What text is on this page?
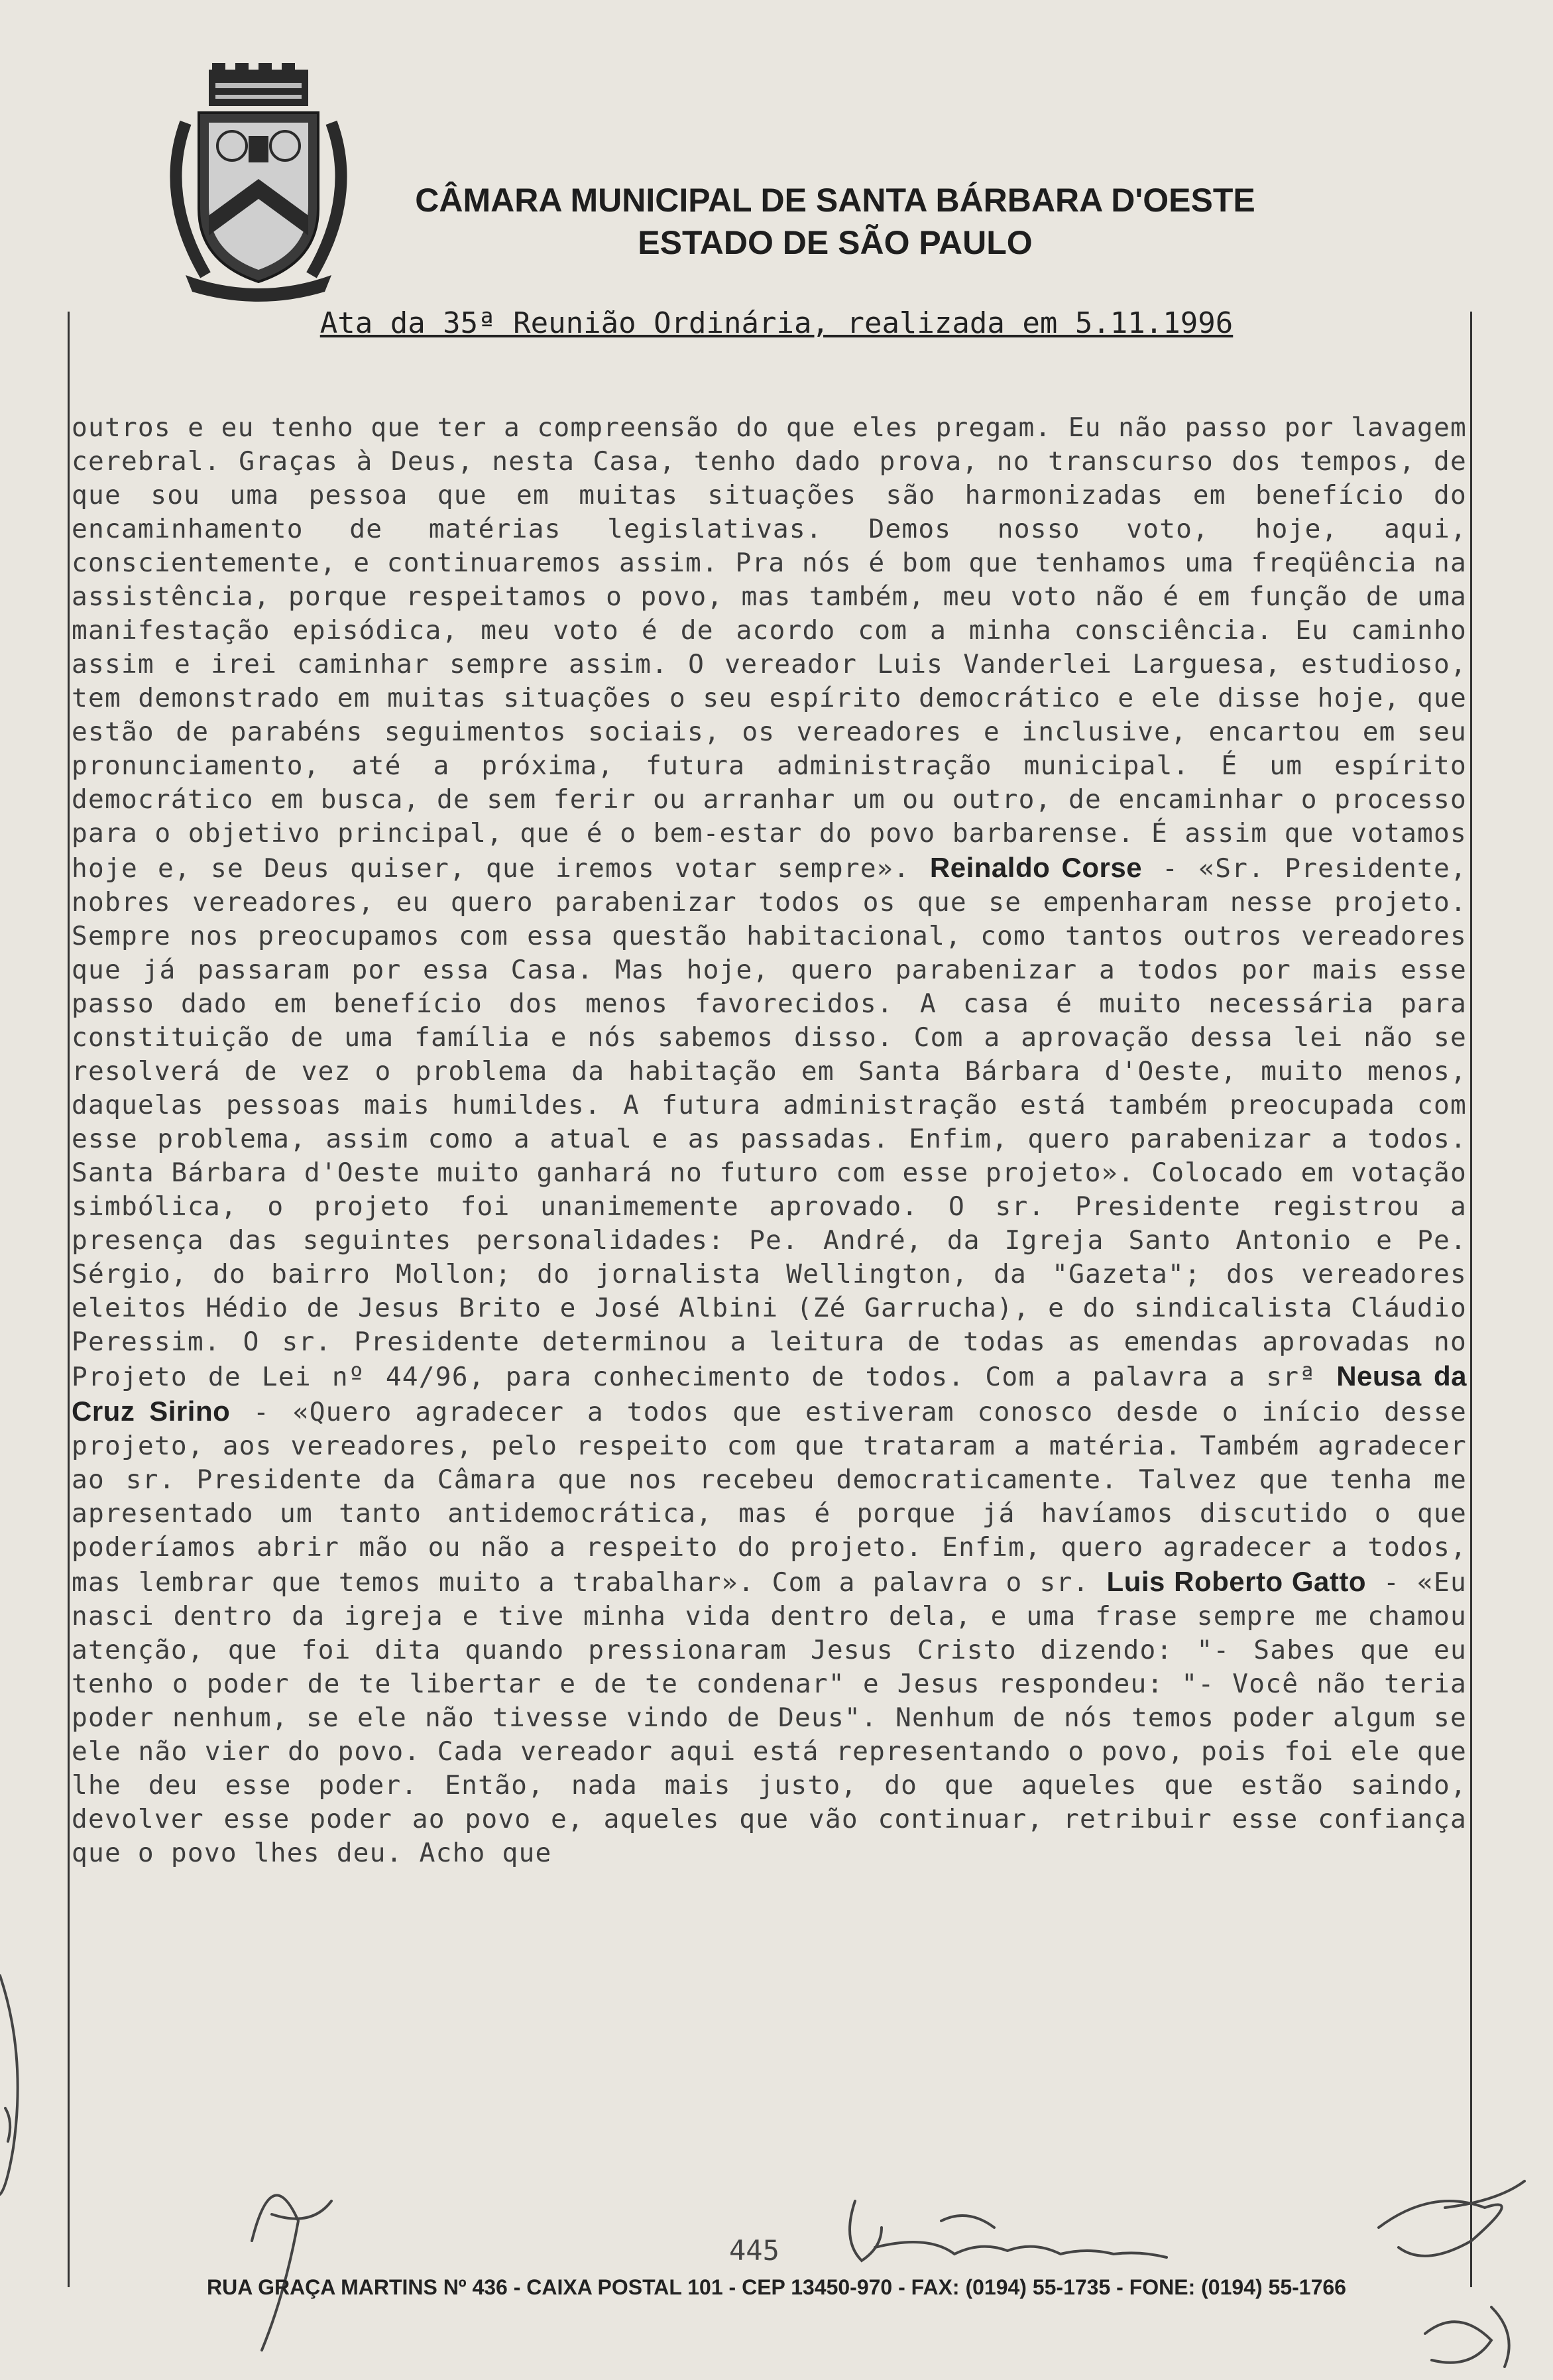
CÂMARA MUNICIPAL DE SANTA BÁRBARA D'OESTE
ESTADO DE SÃO PAULO
Ata da 35ª Reunião Ordinária, realizada em 5.11.1996
outros e eu tenho que ter a compreensão do que eles pregam. Eu não passo por lavagem cerebral. Graças à Deus, nesta Casa, tenho dado prova, no transcurso dos tempos, de que sou uma pessoa que em muitas situações são harmonizadas em benefício do encaminhamento de matérias legislativas. Demos nosso voto, hoje, aqui, conscientemente, e continuaremos assim. Pra nós é bom que tenhamos uma freqüência na assistência, porque respeitamos o povo, mas também, meu voto não é em função de uma manifestação episódica, meu voto é de acordo com a minha consciência. Eu caminho assim e irei caminhar sempre assim. O vereador Luis Vanderlei Larguesa, estudioso, tem demonstrado em muitas situações o seu espírito democrático e ele disse hoje, que estão de parabéns seguimentos sociais, os vereadores e inclusive, encartou em seu pronunciamento, até a próxima, futura administração municipal. É um espírito democrático em busca, de sem ferir ou arranhar um ou outro, de encaminhar o processo para o objetivo principal, que é o bem-estar do povo barbarense. É assim que votamos hoje e, se Deus quiser, que iremos votar sempre». Reinaldo Corse - «Sr. Presidente, nobres vereadores, eu quero parabenizar todos os que se empenharam nesse projeto. Sempre nos preocupamos com essa questão habitacional, como tantos outros vereadores que já passaram por essa Casa. Mas hoje, quero parabenizar a todos por mais esse passo dado em benefício dos menos favorecidos. A casa é muito necessária para constituição de uma família e nós sabemos disso. Com a aprovação dessa lei não se resolverá de vez o problema da habitação em Santa Bárbara d'Oeste, muito menos, daquelas pessoas mais humildes. A futura administração está também preocupada com esse problema, assim como a atual e as passadas. Enfim, quero parabenizar a todos. Santa Bárbara d'Oeste muito ganhará no futuro com esse projeto». Colocado em votação simbólica, o projeto foi unanimemente aprovado. O sr. Presidente registrou a presença das seguintes personalidades: Pe. André, da Igreja Santo Antonio e Pe. Sérgio, do bairro Mollon; do jornalista Wellington, da "Gazeta"; dos vereadores eleitos Hédio de Jesus Brito e José Albini (Zé Garrucha), e do sindicalista Cláudio Peressim. O sr. Presidente determinou a leitura de todas as emendas aprovadas no Projeto de Lei nº 44/96, para conhecimento de todos. Com a palavra a srª Neusa da Cruz Sirino - «Quero agradecer a todos que estiveram conosco desde o início desse projeto, aos vereadores, pelo respeito com que trataram a matéria. Também agradecer ao sr. Presidente da Câmara que nos recebeu democraticamente. Talvez que tenha me apresentado um tanto antidemocrática, mas é porque já havíamos discutido o que poderíamos abrir mão ou não a respeito do projeto. Enfim, quero agradecer a todos, mas lembrar que temos muito a trabalhar». Com a palavra o sr. Luis Roberto Gatto - «Eu nasci dentro da igreja e tive minha vida dentro dela, e uma frase sempre me chamou atenção, que foi dita quando pressionaram Jesus Cristo dizendo: "- Sabes que eu tenho o poder de te libertar e de te condenar" e Jesus respondeu: "- Você não teria poder nenhum, se ele não tivesse vindo de Deus". Nenhum de nós temos poder algum se ele não vier do povo. Cada vereador aqui está representando o povo, pois foi ele que lhe deu esse poder. Então, nada mais justo, do que aqueles que estão saindo, devolver esse poder ao povo e, aqueles que vão continuar, retribuir esse confiança que o povo lhes deu. Acho que
445
RUA GRAÇA MARTINS Nº 436 - CAIXA POSTAL 101 - CEP 13450-970 - FAX: (0194) 55-1735 - FONE: (0194) 55-1766
